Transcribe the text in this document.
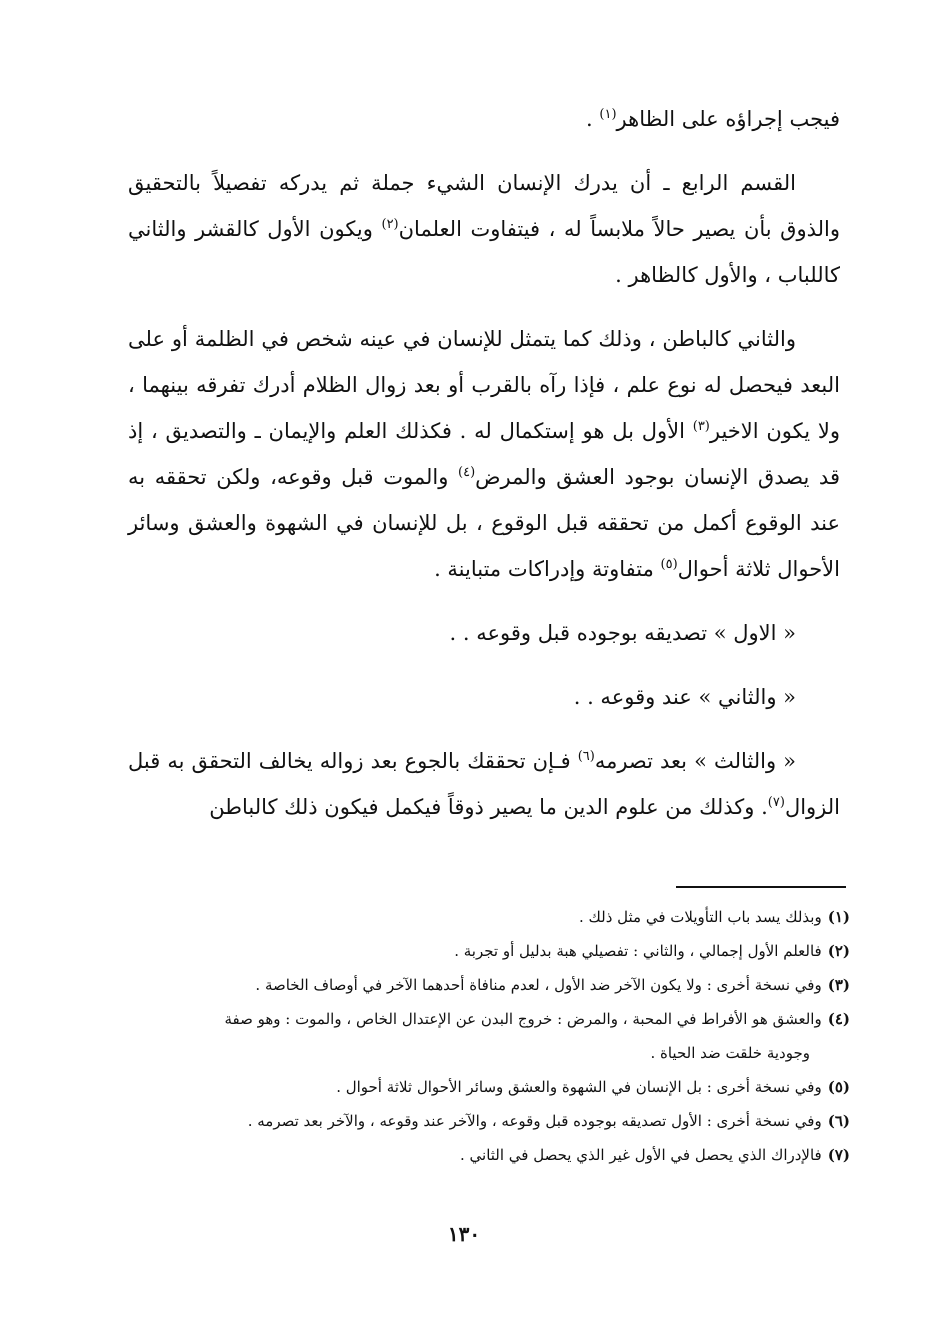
فيجب إجراؤه على الظاهر$^{(١)}$ .

القسم الرابع ـ أن يدرك الإنسان الشيء جملة ثم يدركه تفصيلاً بالتحقيق والذوق بأن يصير حالاً ملابساً له ، فيتفاوت العلمان$^{(٢)}$ ويكون الأول كالقشر والثاني كاللباب ، والأول كالظاهر .

والثاني كالباطن ، وذلك كما يتمثل للإنسان في عينه شخص في الظلمة أو على البعد فيحصل له نوع علم ، فإذا رآه بالقرب أو بعد زوال الظلام أدرك تفرقه بينهما ، ولا يكون الاخير$^{(٣)}$ الأول بل هو إستكمال له . فكذلك العلم والإيمان ـ والتصديق ، إذ قد يصدق الإنسان بوجود العشق والمرض$^{(٤)}$ والموت قبل وقوعه، ولكن تحققه به عند الوقوع أكمل من تحققه قبل الوقوع ، بل للإنسان في الشهوة والعشق وسائر الأحوال ثلاثة أحوال$^{(٥)}$ متفاوتة وإدراكات متباينة .

« الاول » تصديقه بوجوده قبل وقوعه . .

« والثاني » عند وقوعه . .

« والثالث » بعد تصرمه$^{(٦)}$ فـإن تحققك بالجوع بعد زواله يخالف التحقق به قبل الزوال$^{(٧)}$. وكذلك من علوم الدين ما يصير ذوقاً فيكمل فيكون ذلك كالباطن

(١)وبذلك يسد باب التأويلات في مثل ذلك .

(٢)فالعلم الأول إجمالي ، والثاني : تفصيلي هبة بدليل أو تجربة .

(٣)وفي نسخة أخرى : ولا يكون الآخر ضد الأول ، لعدم منافاة أحدهما الآخر في أوصاف الخاصة .

(٤)والعشق هو الأفراط في المحبة ، والمرض : خروج البدن عن الإعتدال الخاص ، والموت : وهو صفة

وجودية خلقت ضد الحياة .

(٥)وفي نسخة أخرى : بل الإنسان في الشهوة والعشق وسائر الأحوال ثلاثة أحوال .

(٦)وفي نسخة أخرى : الأول تصديقه بوجوده قبل وقوعه ، والآخر عند وقوعه ، والآخر بعد تصرمه .

(٧)فالإدراك الذي يحصل في الأول غير الذي يحصل في الثاني .

١٣٠
